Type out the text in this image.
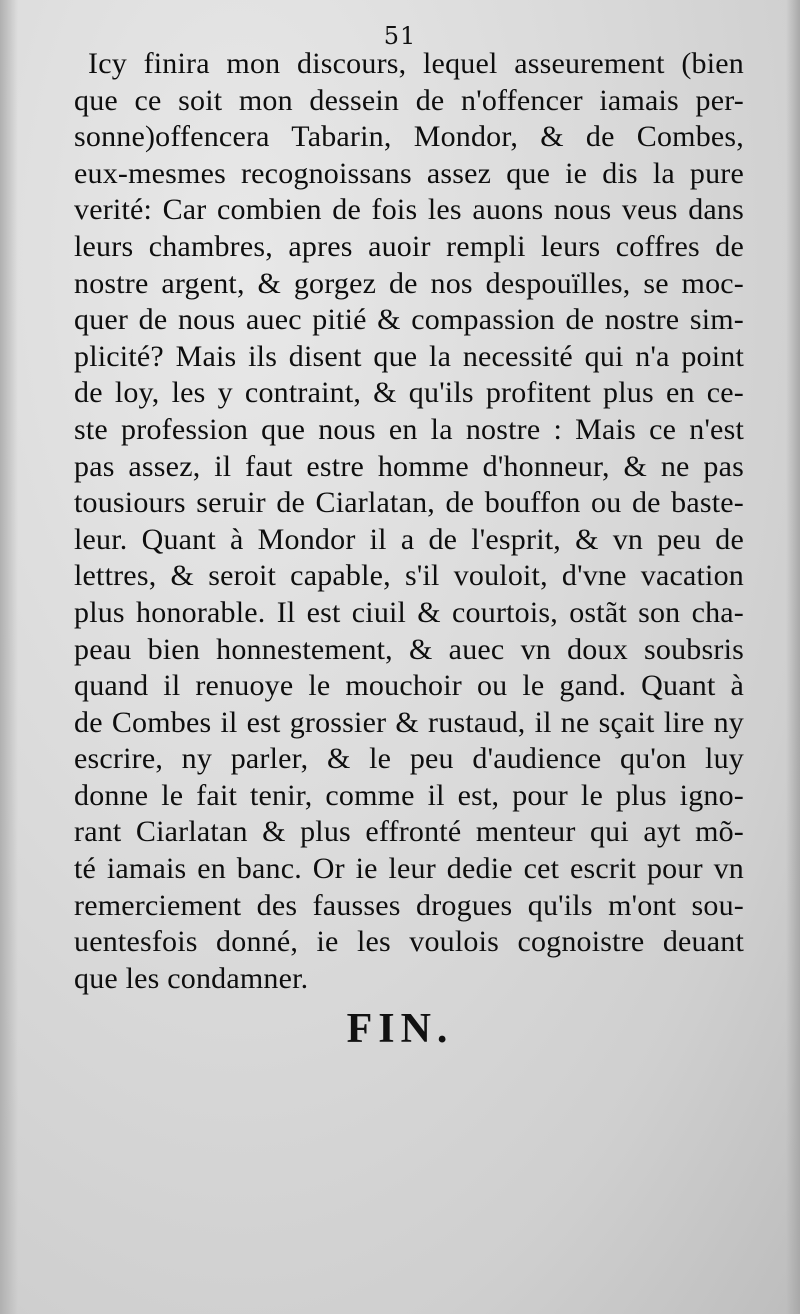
51
Icy finira mon discours, lequel asseurement (bien
que ce soit mon dessein de n'offencer iamais per-
sonne)offencera Tabarin, Mondor, & de Combes,
eux-mesmes recognoissans assez que ie dis la pure
verité: Car combien de fois les auons nous veus dans
leurs chambres, apres auoir rempli leurs coffres de
nostre argent, & gorgez de nos despouïlles, se moc-
quer de nous auec pitié & compassion de nostre sim-
plicité? Mais ils disent que la necessité qui n'a point
de loy, les y contraint, & qu'ils profitent plus en ce-
ste profession que nous en la nostre : Mais ce n'est
pas assez, il faut estre homme d'honneur, & ne pas
tousiours seruir de Ciarlatan, de bouffon ou de baste-
leur. Quant à Mondor il a de l'esprit, & vn peu de
lettres, & seroit capable, s'il vouloit, d'vne vacation
plus honorable. Il est ciuil & courtois, ostãt son cha-
peau bien honnestement, & auec vn doux soubsris
quand il renuoye le mouchoir ou le gand. Quant à
de Combes il est grossier & rustaud, il ne sçait lire ny
escrire, ny parler, & le peu d'audience qu'on luy
donne le fait tenir, comme il est, pour le plus igno-
rant Ciarlatan & plus effronté menteur qui ayt mõ-
té iamais en banc. Or ie leur dedie cet escrit pour vn
remerciement des fausses drogues qu'ils m'ont sou-
uentesfois donné, ie les voulois cognoistre deuant
que les condamner.
FIN.
